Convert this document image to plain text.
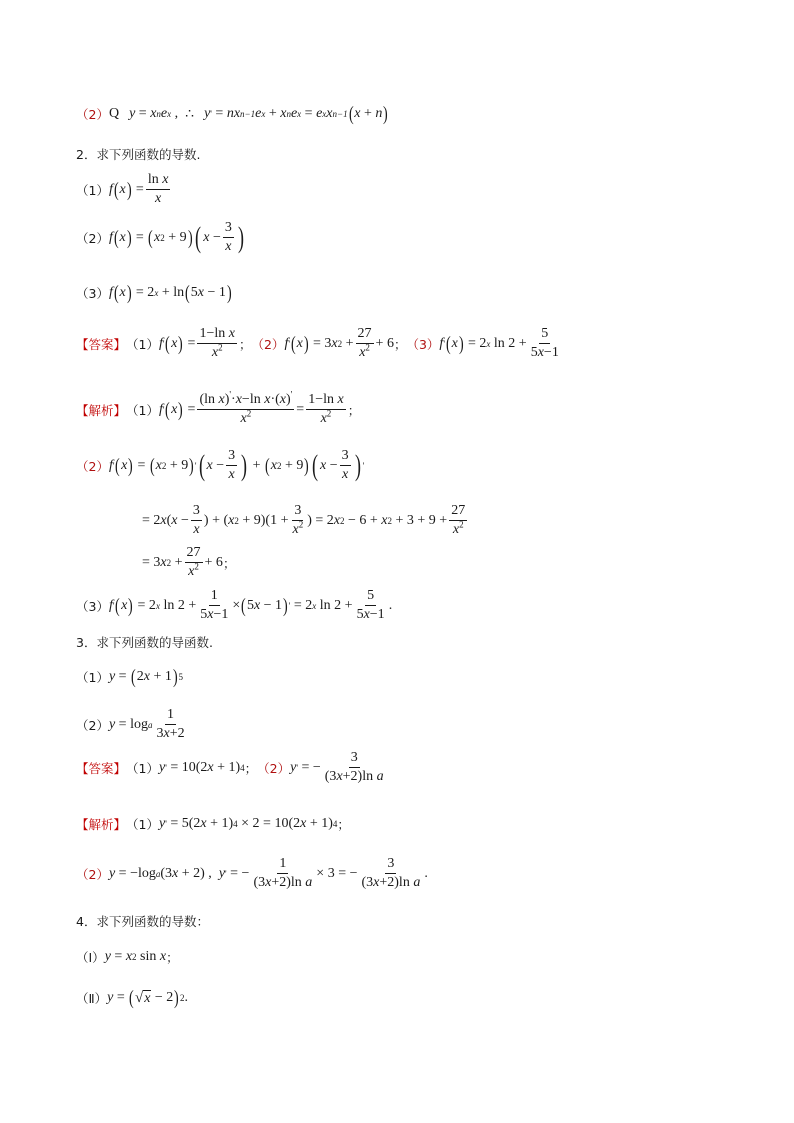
（2） Q y = x n e x , ∴ y ' = nx n−1 e x + x n e x = e x x n−1 ( x + n )
2．求下列函数的导数.
（1） f ( x ) = $\frac{\text{ln x}}{x}$
（2） f ( x ) = ( x 2 + 9 ) ( $x - \frac{3}{x}$ )
（3） f ( x ) = 2 x + ln ( 5 x − 1 )
【答案】 （1） f ' ( x ) = $\frac{\text{1−ln x}}{x^2}$ ； （2） f ' ( x ) = 3 x $2 + \frac{27}{x^2} + 6$ ； （3） f ' ( x ) = 2 x $\ln 2 + \frac{5}{5x-1}$
【解析】 （1） f ' ( x ) = $\frac{(\ln x)'\cdot x-\ln x\cdot(x)'}{x^2} = \frac{\text{1−ln x}}{x^2}$ ；
（2） f ' ( x ) = ( x 2 + 9 ) ' ( $x - \frac{3}{x}$ ) + ( x 2 + 9 ) ( $x - \frac{3}{x}$ ) '
= 2 x ( $x - \frac{3}{x}$ ) + ( x $2 + 9)(1 + \frac{3}{x^2}$ ) = 2 x 2 − 6 + x $2 + 3 + 9 + \frac{27}{x^2}$
= 3 x $2 + \frac{27}{x^2} + 6$ ；
（3） f ' ( x ) = 2 x $\ln 2 + \frac{1}{5x-1}$ × ( 5 x − 1 ) ' = 2 x $\ln 2 + \frac{5}{5x-1}$ .
3．求下列函数的导函数.
（1） y = ( 2 x + 1 ) 5
（2） y = log a $\frac{1}{3x+2}$
【答案】 （1） y ' = 10(2 x + 1) 4 ； （2） y ' = − $\frac{3}{\text{(3x+2)ln a}}$
【解析】 （1） y ' = 5(2 x + 1) 4 × 2 = 10(2 x + 1) 4 ；
（2） y = −log a (3 x + 2) , y ' = − $\frac{1}{\text{(3x+2)ln a}} \times 3$ = − $\frac{3}{\text{(3x+2)ln a}}$ .
4．求下列函数的导数：
（Ⅰ） y = x 2 sin x ；
（Ⅱ） y = ( √ x − 2 ) 2 .
